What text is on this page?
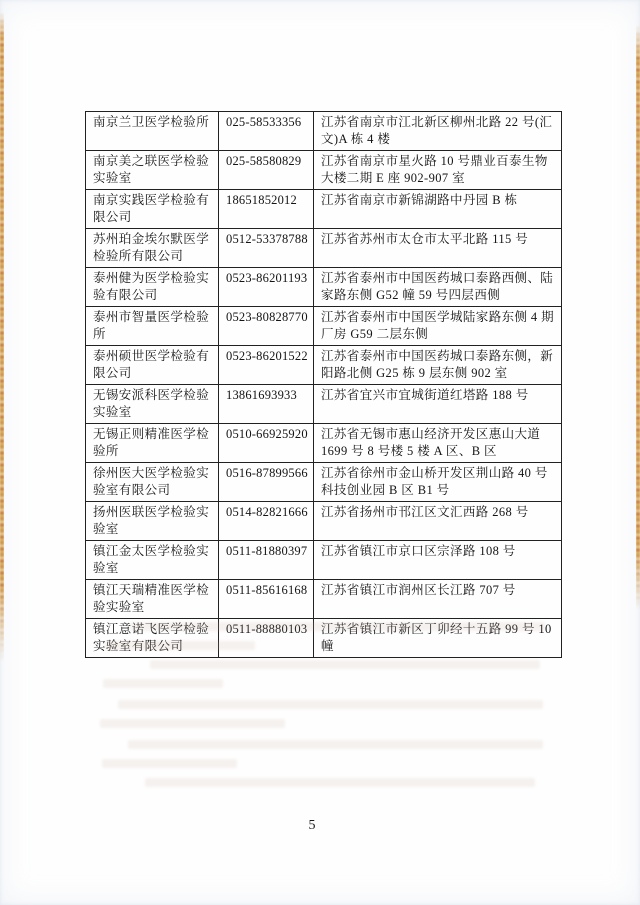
南京兰卫医学检验所	025-58533356	江苏省南京市江北新区柳州北路 22 号(汇文)A 栋 4 楼
南京美之联医学检验实验室	025-58580829	江苏省南京市星火路 10 号鼎业百泰生物大楼二期 E 座 902-907 室
南京实践医学检验有限公司	18651852012	江苏省南京市新锦湖路中丹园 B 栋
苏州珀金埃尔默医学检验所有限公司	0512-53378788	江苏省苏州市太仓市太平北路 115 号
泰州健为医学检验实验有限公司	0523-86201193	江苏省泰州市中国医药城口泰路西侧、陆家路东侧 G52 幢 59 号四层西侧
泰州市智量医学检验所	0523-80828770	江苏省泰州市中国医学城陆家路东侧 4 期厂房 G59 二层东侧
泰州硕世医学检验有限公司	0523-86201522	江苏省泰州市中国医药城口泰路东侧，新阳路北侧 G25 栋 9 层东侧 902 室
无锡安派科医学检验实验室	13861693933	江苏省宜兴市宜城街道红塔路 188 号
无锡正则精准医学检验所	0510-66925920	江苏省无锡市惠山经济开发区惠山大道 1699 号 8 号楼 5 楼 A 区、B 区
徐州医大医学检验实验室有限公司	0516-87899566	江苏省徐州市金山桥开发区荆山路 40 号科技创业园 B 区 B1 号
扬州医联医学检验实验室	0514-82821666	江苏省扬州市邗江区文汇西路 268 号
镇江金太医学检验实验室	0511-81880397	江苏省镇江市京口区宗泽路 108 号
镇江天瑞精准医学检验实验室	0511-85616168	江苏省镇江市润州区长江路 707 号
镇江意诺飞医学检验实验室有限公司	0511-88880103	江苏省镇江市新区丁卯经十五路 99 号 10 幢
5
